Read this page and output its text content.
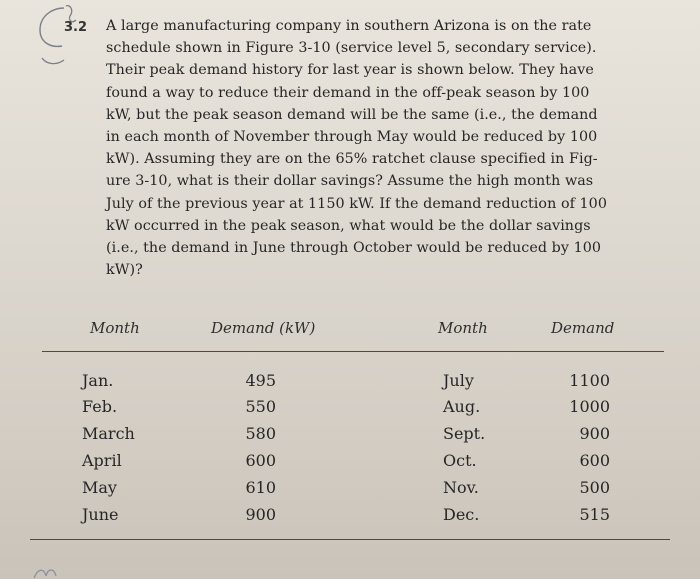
3.2 A large manufacturing company in southern Arizona is on the rate
schedule shown in Figure 3-10 (service level 5, secondary service).
Their peak demand history for last year is shown below. They have
found a way to reduce their demand in the off-peak season by 100
kW, but the peak season demand will be the same (i.e., the demand
in each month of November through May would be reduced by 100
kW). Assuming they are on the 65% ratchet clause specified in Fig-
ure 3-10, what is their dollar savings? Assume the high month was
July of the previous year at 1150 kW. If the demand reduction of 100
kW occurred in the peak season, what would be the dollar savings
(i.e., the demand in June through October would be reduced by 100
kW)?
Month	Demand (kW)	Month	Demand
Jan.	495	July	1100
Feb.	550	Aug.	1000
March	580	Sept.	900
April	600	Oct.	600
May	610	Nov.	500
June	900	Dec.	515
